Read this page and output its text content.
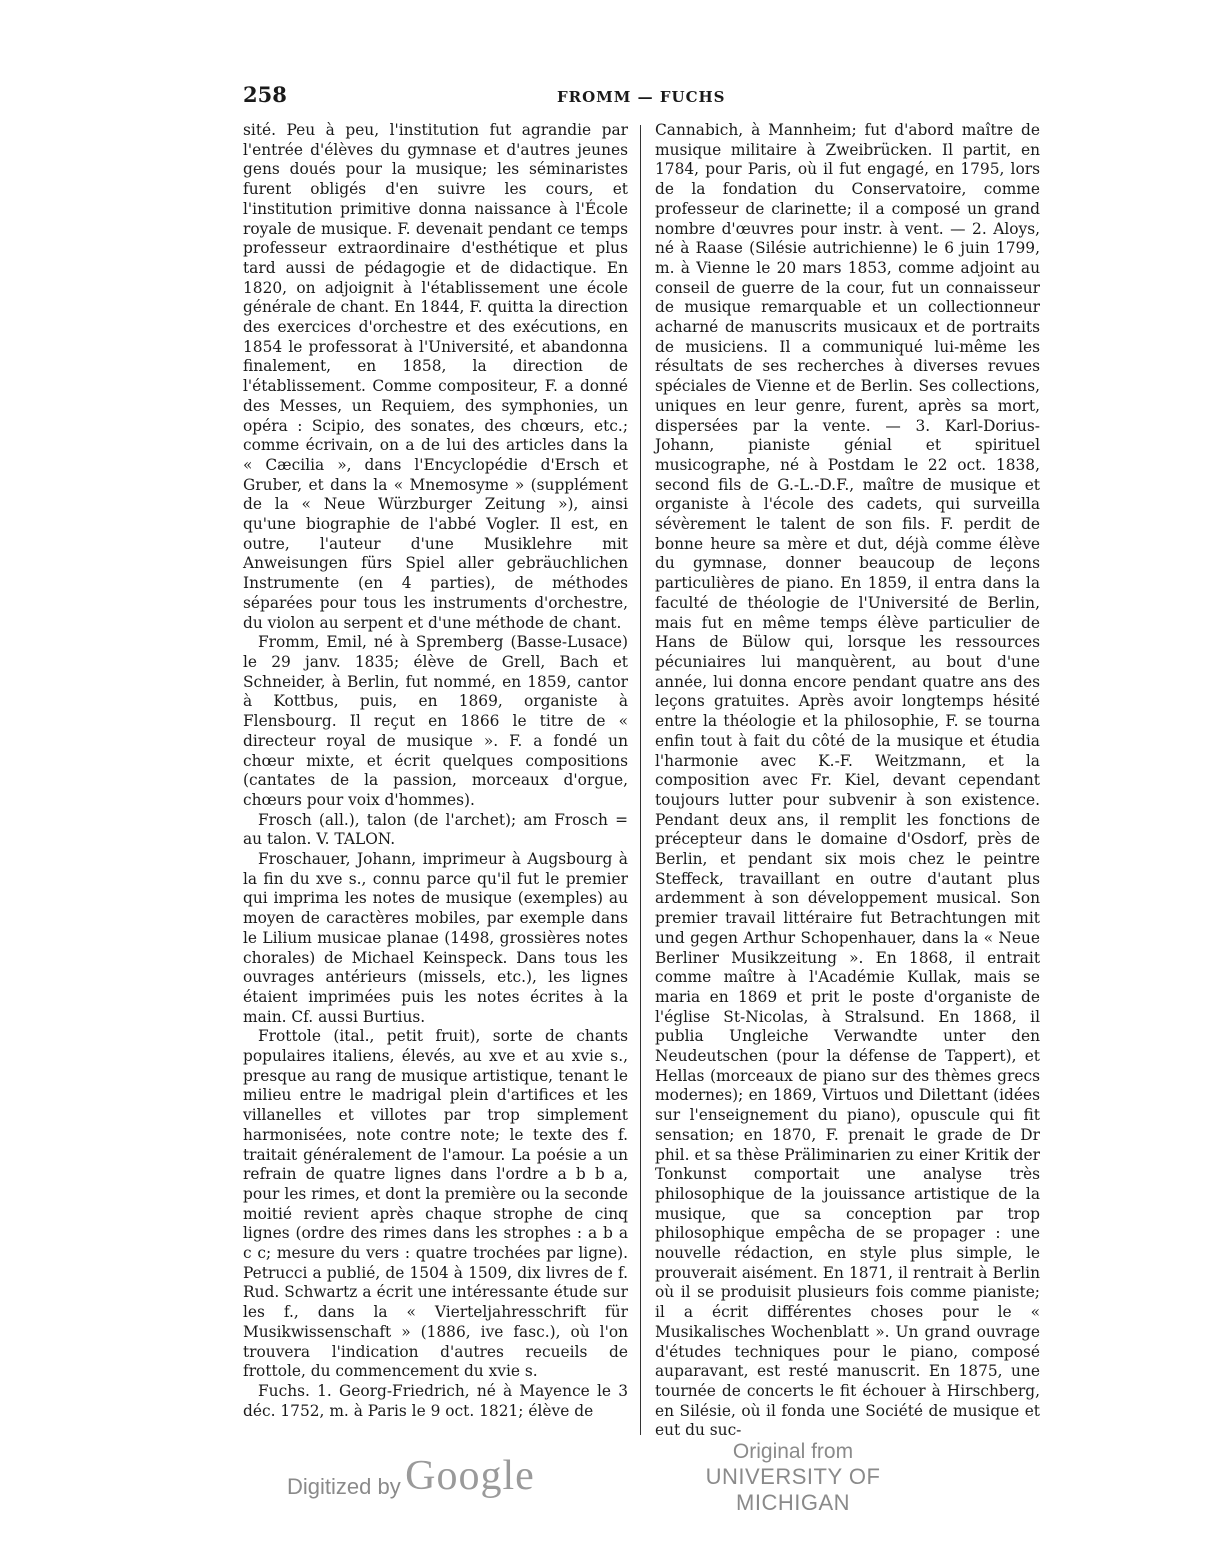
258	FROMM — FUCHS

sité. Peu à peu, l'institution fut agrandie par l'entrée d'élèves du gymnase et d'autres jeunes gens doués pour la musique; les séminaristes furent obligés d'en suivre les cours, et l'institution primitive donna naissance à l'École royale de musique. F. devenait pendant ce temps professeur extraordinaire d'esthétique et plus tard aussi de pédagogie et de didactique. En 1820, on adjoignit à l'établissement une école générale de chant. En 1844, F. quitta la direction des exercices d'orchestre et des exécutions, en 1854 le professorat à l'Université, et abandonna finalement, en 1858, la direction de l'établissement. Comme compositeur, F. a donné des Messes, un Requiem, des symphonies, un opéra : Scipio, des sonates, des chœurs, etc.; comme écrivain, on a de lui des articles dans la « Cæcilia », dans l'Encyclopédie d'Ersch et Gruber, et dans la « Mnemosyme » (supplément de la « Neue Würzburger Zeitung »), ainsi qu'une biographie de l'abbé Vogler. Il est, en outre, l'auteur d'une Musiklehre mit Anweisungen fürs Spiel aller gebräuchlichen Instrumente (en 4 parties), de méthodes séparées pour tous les instruments d'orchestre, du violon au serpent et d'une méthode de chant.

Fromm, Emil, né à Spremberg (Basse-Lusace) le 29 janv. 1835; élève de Grell, Bach et Schneider, à Berlin, fut nommé, en 1859, cantor à Kottbus, puis, en 1869, organiste à Flensbourg. Il reçut en 1866 le titre de « directeur royal de musique ». F. a fondé un chœur mixte, et écrit quelques compositions (cantates de la passion, morceaux d'orgue, chœurs pour voix d'hommes).

Frosch (all.), talon (de l'archet); am Frosch = au talon. V. TALON.

Froschauer, Johann, imprimeur à Augsbourg à la fin du xve s., connu parce qu'il fut le premier qui imprima les notes de musique (exemples) au moyen de caractères mobiles, par exemple dans le Lilium musicae planae (1498, grossières notes chorales) de Michael Keinspeck. Dans tous les ouvrages antérieurs (missels, etc.), les lignes étaient imprimées puis les notes écrites à la main. Cf. aussi Burtius.

Frottole (ital., petit fruit), sorte de chants populaires italiens, élevés, au xve et au xvie s., presque au rang de musique artistique, tenant le milieu entre le madrigal plein d'artifices et les villanelles et villotes par trop simplement harmonisées, note contre note; le texte des f. traitait généralement de l'amour. La poésie a un refrain de quatre lignes dans l'ordre a b b a, pour les rimes, et dont la première ou la seconde moitié revient après chaque strophe de cinq lignes (ordre des rimes dans les strophes : a b a c c; mesure du vers : quatre trochées par ligne). Petrucci a publié, de 1504 à 1509, dix livres de f. Rud. Schwartz a écrit une intéressante étude sur les f., dans la « Vierteljahresschrift für Musikwissenschaft » (1886, ive fasc.), où l'on trouvera l'indication d'autres recueils de frottole, du commencement du xvie s.

Fuchs. 1. Georg-Friedrich, né à Mayence le 3 déc. 1752, m. à Paris le 9 oct. 1821; élève de

Cannabich, à Mannheim; fut d'abord maître de musique militaire à Zweibrücken. Il partit, en 1784, pour Paris, où il fut engagé, en 1795, lors de la fondation du Conservatoire, comme professeur de clarinette; il a composé un grand nombre d'œuvres pour instr. à vent. — 2. Aloys, né à Raase (Silésie autrichienne) le 6 juin 1799, m. à Vienne le 20 mars 1853, comme adjoint au conseil de guerre de la cour, fut un connaisseur de musique remarquable et un collectionneur acharné de manuscrits musicaux et de portraits de musiciens. Il a communiqué lui-même les résultats de ses recherches à diverses revues spéciales de Vienne et de Berlin. Ses collections, uniques en leur genre, furent, après sa mort, dispersées par la vente. — 3. Karl-Dorius-Johann, pianiste génial et spirituel musicographe, né à Postdam le 22 oct. 1838, second fils de G.-L.-D.F., maître de musique et organiste à l'école des cadets, qui surveilla sévèrement le talent de son fils. F. perdit de bonne heure sa mère et dut, déjà comme élève du gymnase, donner beaucoup de leçons particulières de piano. En 1859, il entra dans la faculté de théologie de l'Université de Berlin, mais fut en même temps élève particulier de Hans de Bülow qui, lorsque les ressources pécuniaires lui manquèrent, au bout d'une année, lui donna encore pendant quatre ans des leçons gratuites. Après avoir longtemps hésité entre la théologie et la philosophie, F. se tourna enfin tout à fait du côté de la musique et étudia l'harmonie avec K.-F. Weitzmann, et la composition avec Fr. Kiel, devant cependant toujours lutter pour subvenir à son existence. Pendant deux ans, il remplit les fonctions de précepteur dans le domaine d'Osdorf, près de Berlin, et pendant six mois chez le peintre Steffeck, travaillant en outre d'autant plus ardemment à son développement musical. Son premier travail littéraire fut Betrachtungen mit und gegen Arthur Schopenhauer, dans la « Neue Berliner Musikzeitung ». En 1868, il entrait comme maître à l'Académie Kullak, mais se maria en 1869 et prit le poste d'organiste de l'église St-Nicolas, à Stralsund. En 1868, il publia Ungleiche Verwandte unter den Neudeutschen (pour la défense de Tappert), et Hellas (morceaux de piano sur des thèmes grecs modernes); en 1869, Virtuos und Dilettant (idées sur l'enseignement du piano), opuscule qui fit sensation; en 1870, F. prenait le grade de Dr phil. et sa thèse Präliminarien zu einer Kritik der Tonkunst comportait une analyse très philosophique de la jouissance artistique de la musique, que sa conception par trop philosophique empêcha de se propager : une nouvelle rédaction, en style plus simple, le prouverait aisément. En 1871, il rentrait à Berlin où il se produisit plusieurs fois comme pianiste; il a écrit différentes choses pour le « Musikalisches Wochenblatt ». Un grand ouvrage d'études techniques pour le piano, composé auparavant, est resté manuscrit. En 1875, une tournée de concerts le fit échouer à Hirschberg, en Silésie, où il fonda une Société de musique et eut du suc-

Digitized by Google
Original from
UNIVERSITY OF MICHIGAN
